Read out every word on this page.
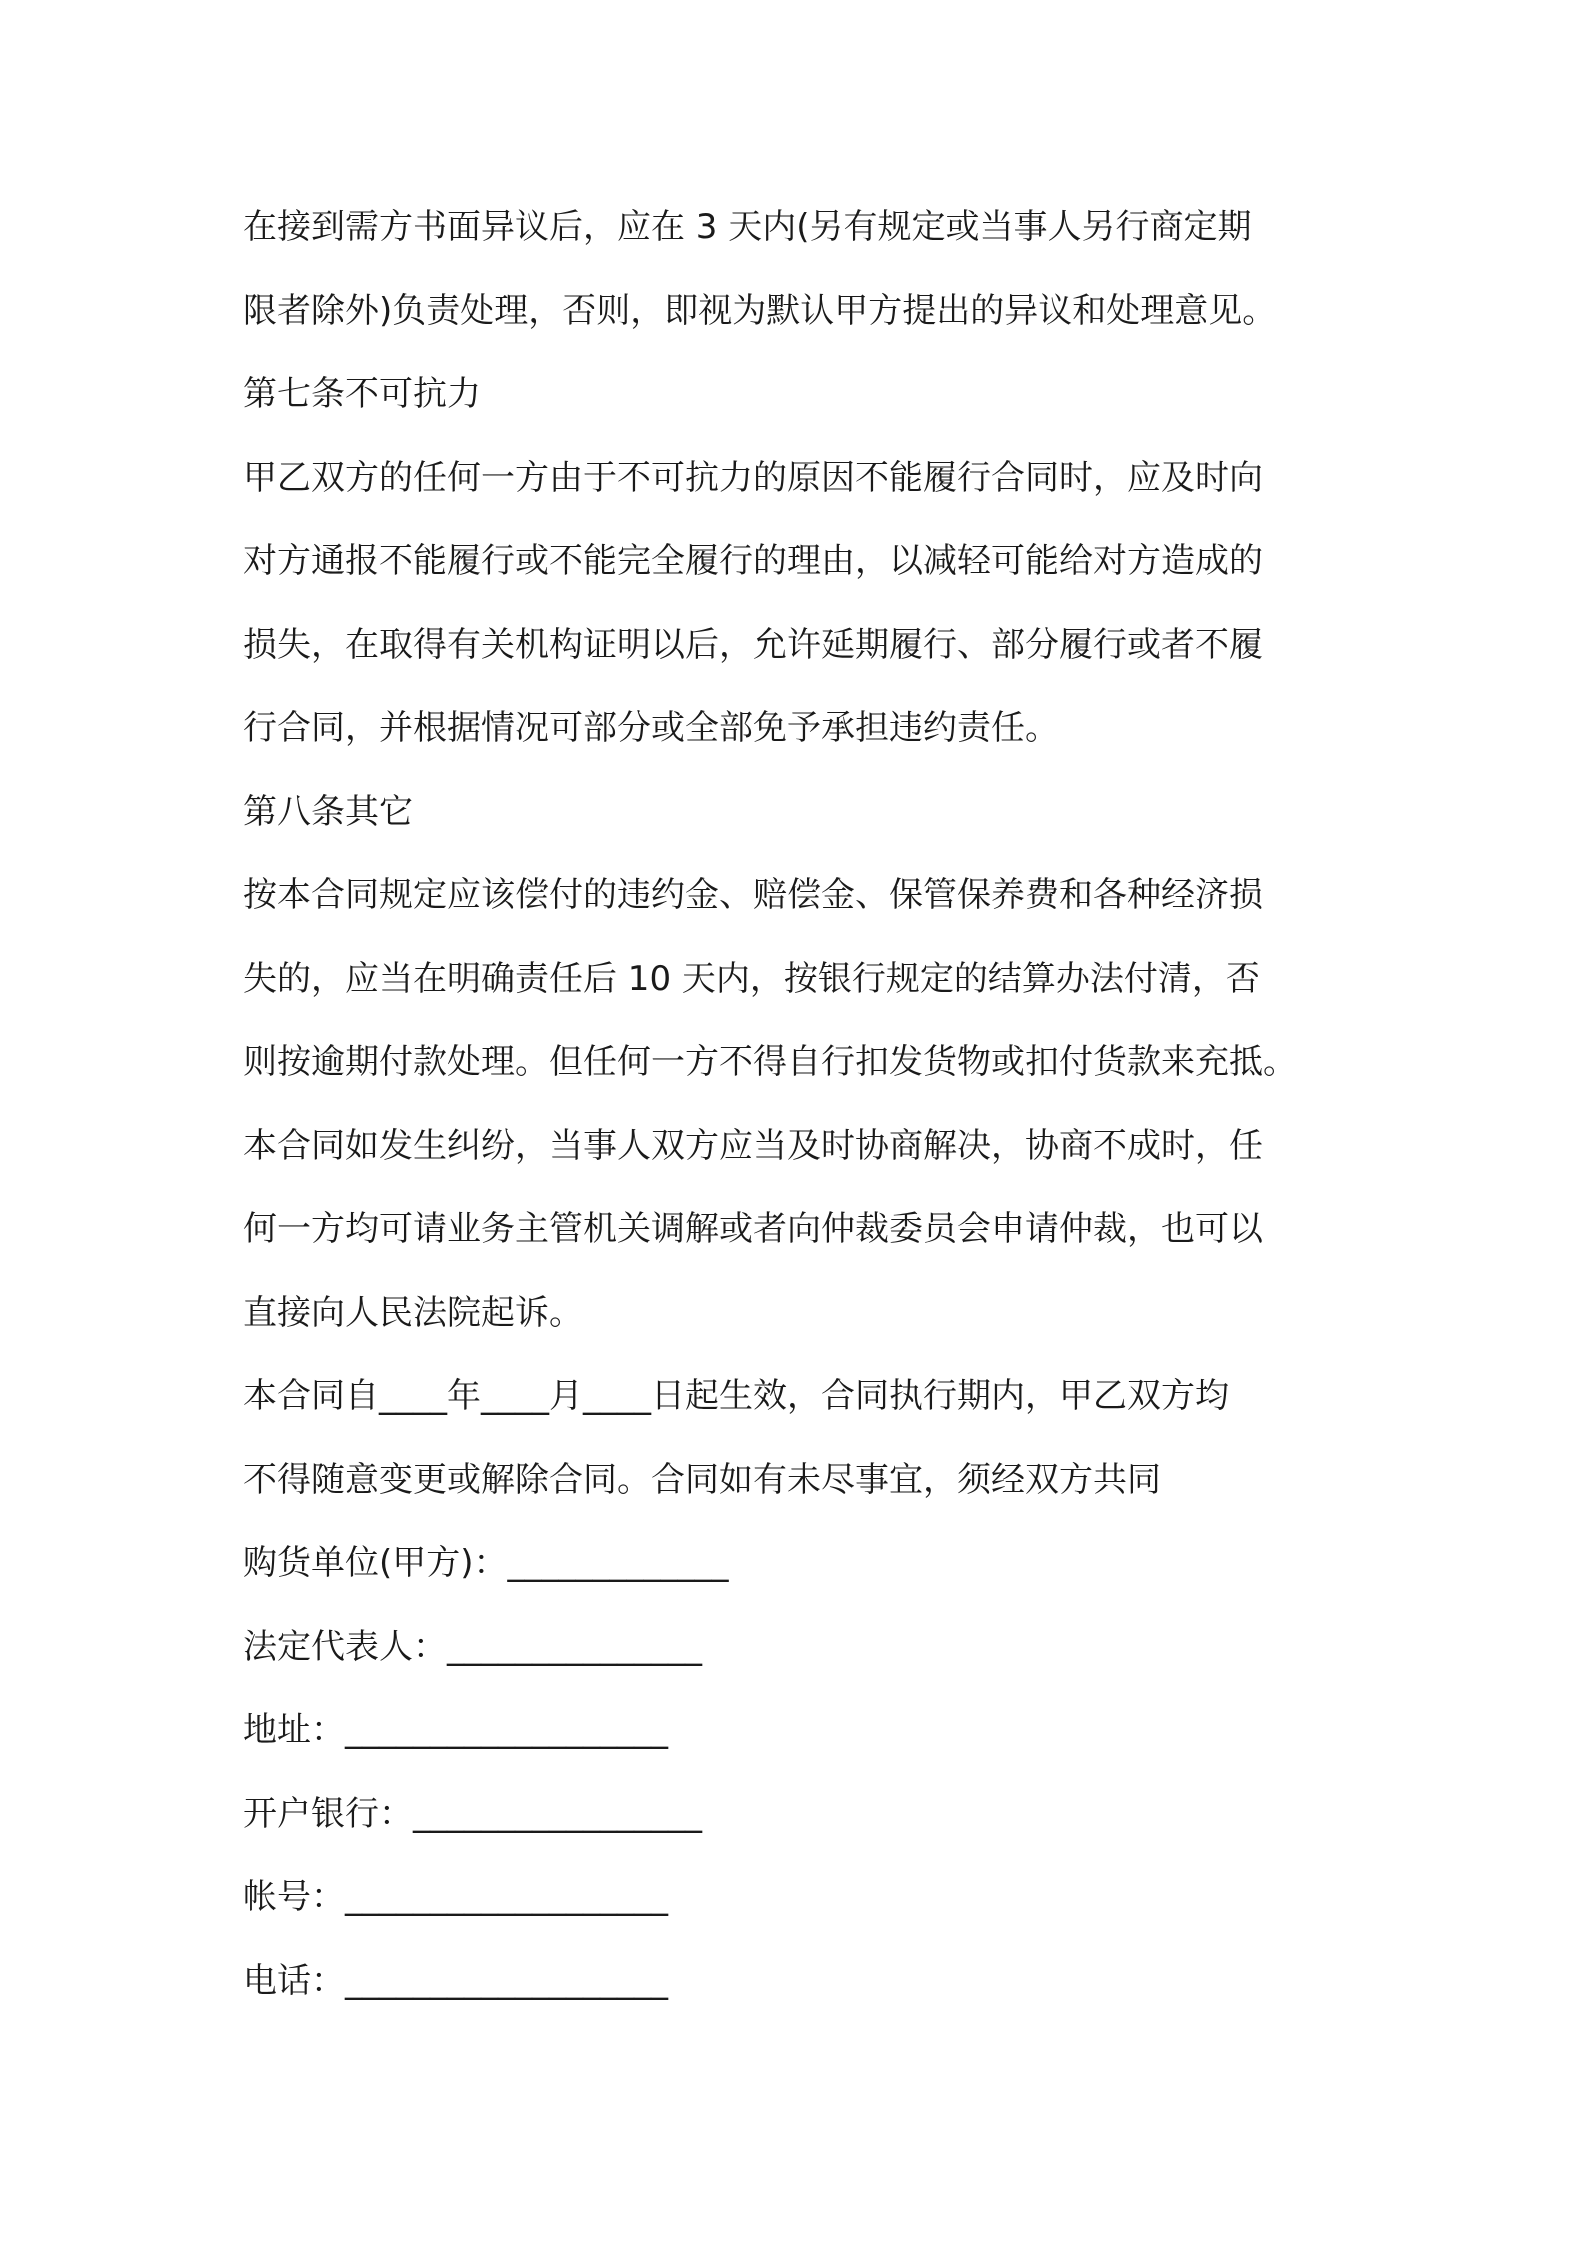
在接到需方书面异议后，应在 3 天内(另有规定或当事人另行商定期
限者除外)负责处理，否则，即视为默认甲方提出的异议和处理意见。
第七条不可抗力
甲乙双方的任何一方由于不可抗力的原因不能履行合同时，应及时向
对方通报不能履行或不能完全履行的理由，以减轻可能给对方造成的
损失，在取得有关机构证明以后，允许延期履行、部分履行或者不履
行合同，并根据情况可部分或全部免予承担违约责任。
第八条其它
按本合同规定应该偿付的违约金、赔偿金、保管保养费和各种经济损
失的，应当在明确责任后 10 天内，按银行规定的结算办法付清，否
则按逾期付款处理。但任何一方不得自行扣发货物或扣付货款来充抵。
本合同如发生纠纷，当事人双方应当及时协商解决，协商不成时，任
何一方均可请业务主管机关调解或者向仲裁委员会申请仲裁，也可以
直接向人民法院起诉。
本合同自____年____月____日起生效，合同执行期内，甲乙双方均
不得随意变更或解除合同。合同如有未尽事宜，须经双方共同
购货单位(甲方)：_____________
法定代表人：_______________
地址：___________________
开户银行：_________________
帐号：___________________
电话：___________________
